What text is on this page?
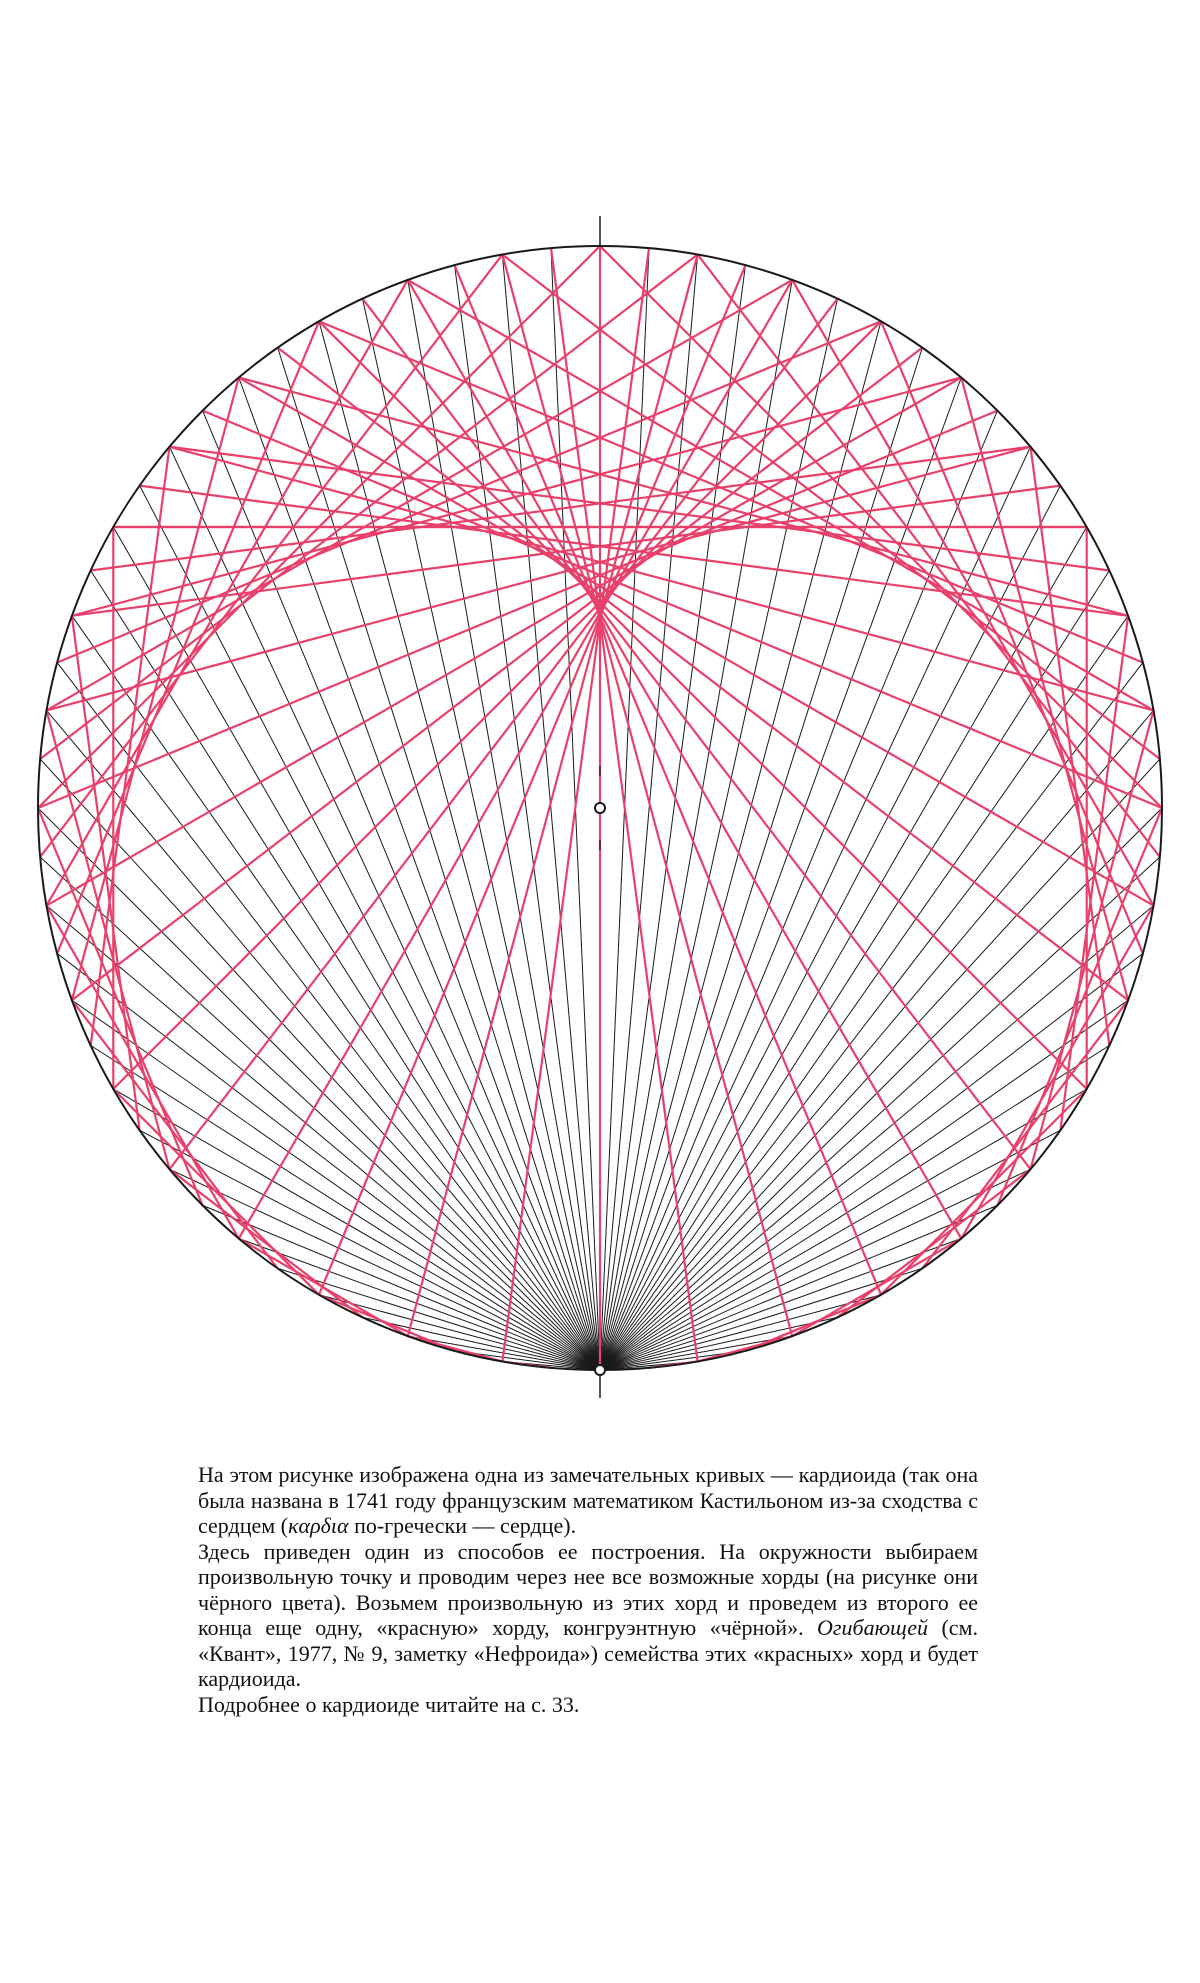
На этом рисунке изображена одна из замечательных кривых — кардиоида (так она была названа в 1741 году французским математиком Кастильоном из-за сходства с сердцем (καρδια по-гречески — сердце).

Здесь приведен один из способов ее построения. На окружности выбираем произвольную точку и проводим через нее все возможные хорды (на рисунке они чёрного цвета). Возьмем произвольную из этих хорд и проведем из второго ее конца еще одну, «красную» хорду, конгруэнтную «чёрной». Огибающей (см. «Квант», 1977, № 9, заметку «Нефроида») семейства этих «красных» хорд и будет кардиоида.

Подробнее о кардиоиде читайте на с. 33.
